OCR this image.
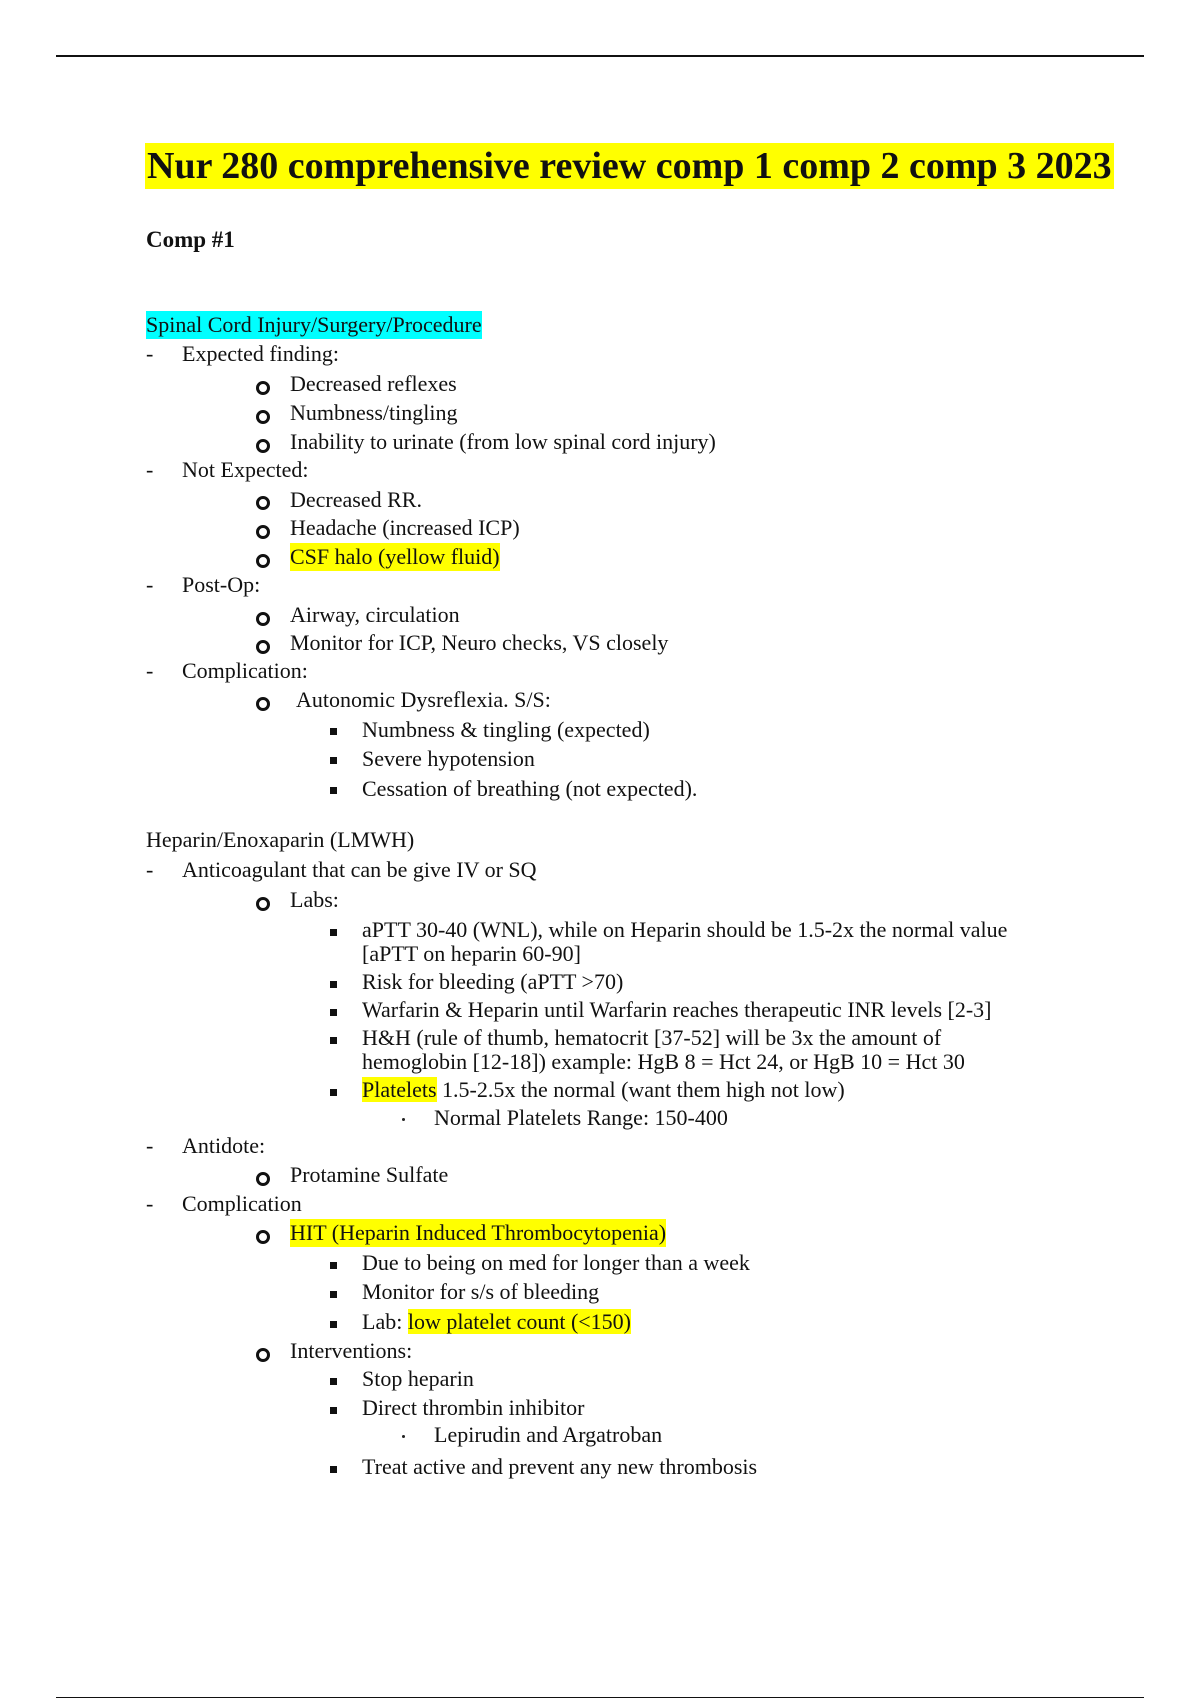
Nur 280 comprehensive review comp 1 comp 2 comp 3 2023
Comp #1
Spinal Cord Injury/Surgery/Procedure
- Expected finding:
Decreased reflexes
Numbness/tingling
Inability to urinate (from low spinal cord injury)
- Not Expected:
Decreased RR.
Headache (increased ICP)
CSF halo (yellow fluid)
- Post-Op:
Airway, circulation
Monitor for ICP, Neuro checks, VS closely
- Complication:
Autonomic Dysreflexia. S/S:
Numbness & tingling (expected)
Severe hypotension
Cessation of breathing (not expected).
Heparin/Enoxaparin (LMWH)
- Anticoagulant that can be give IV or SQ
Labs:
aPTT 30-40 (WNL), while on Heparin should be 1.5-2x the normal value
[aPTT on heparin 60-90]
Risk for bleeding (aPTT >70)
Warfarin & Heparin until Warfarin reaches therapeutic INR levels [2-3]
H&H (rule of thumb, hematocrit [37-52] will be 3x the amount of
hemoglobin [12-18]) example: HgB 8 = Hct 24, or HgB 10 = Hct 30
Platelets 1.5-2.5x the normal (want them high not low)
Normal Platelets Range: 150-400
- Antidote:
Protamine Sulfate
- Complication
HIT (Heparin Induced Thrombocytopenia)
Due to being on med for longer than a week
Monitor for s/s of bleeding
Lab: low platelet count (<150)
Interventions:
Stop heparin
Direct thrombin inhibitor
Lepirudin and Argatroban
Treat active and prevent any new thrombosis
